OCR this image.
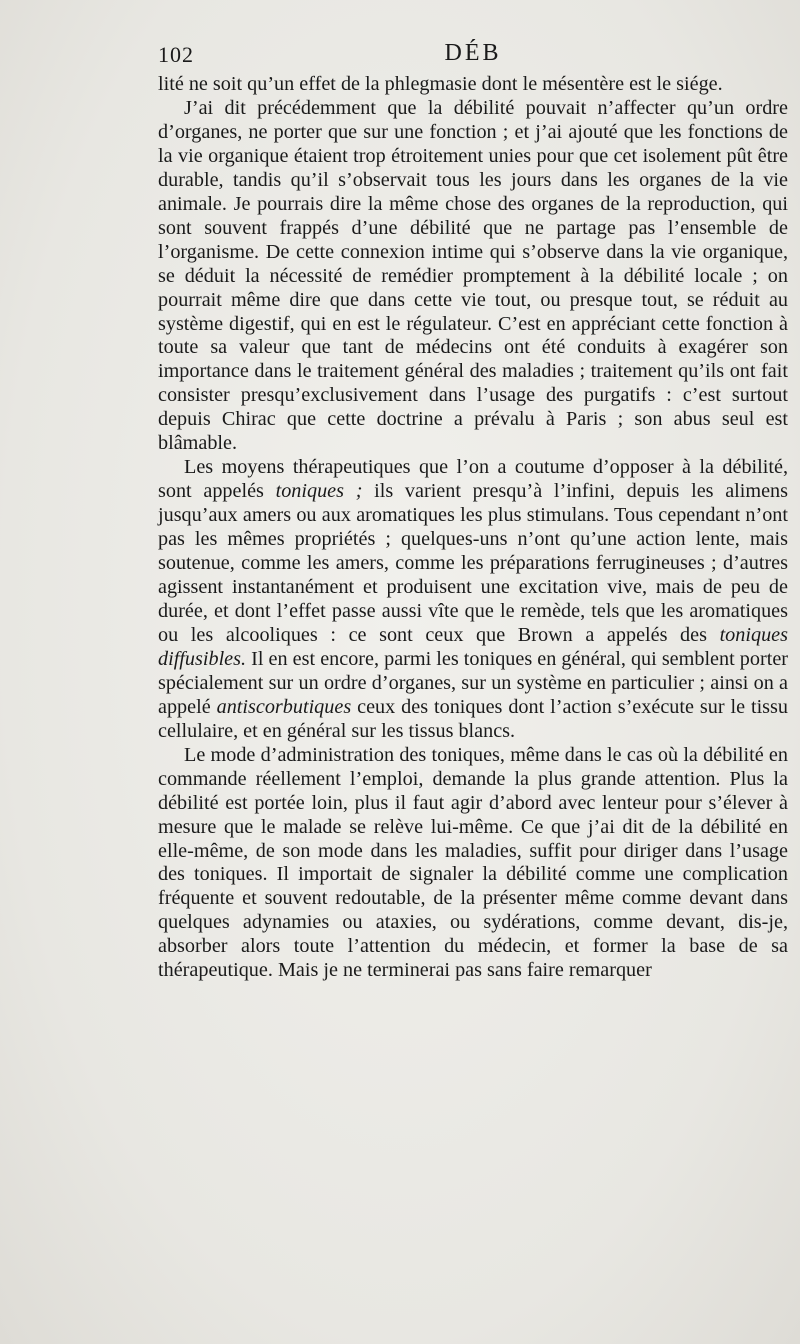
102	DÉB

lité ne soit qu’un effet de la phlegmasie dont le mésentère est le siége.

J’ai dit précédemment que la débilité pouvait n’affecter qu’un ordre d’organes, ne porter que sur une fonction ; et j’ai ajouté que les fonctions de la vie organique étaient trop étroitement unies pour que cet isolement pût être durable, tandis qu’il s’observait tous les jours dans les organes de la vie animale. Je pourrais dire la même chose des organes de la reproduction, qui sont souvent frappés d’une débilité que ne partage pas l’ensemble de l’organisme. De cette connexion intime qui s’observe dans la vie organique, se déduit la nécessité de remédier promptement à la débilité locale ; on pourrait même dire que dans cette vie tout, ou presque tout, se réduit au système digestif, qui en est le régulateur. C’est en appréciant cette fonction à toute sa valeur que tant de médecins ont été conduits à exagérer son importance dans le traitement général des maladies ; traitement qu’ils ont fait consister presqu’exclusivement dans l’usage des purgatifs : c’est surtout depuis Chirac que cette doctrine a prévalu à Paris ; son abus seul est blâmable.

Les moyens thérapeutiques que l’on a coutume d’opposer à la débilité, sont appelés toniques ; ils varient presqu’à l’infini, depuis les alimens jusqu’aux amers ou aux aromatiques les plus stimulans. Tous cependant n’ont pas les mêmes propriétés ; quelques-uns n’ont qu’une action lente, mais soutenue, comme les amers, comme les préparations ferrugineuses ; d’autres agissent instantanément et produisent une excitation vive, mais de peu de durée, et dont l’effet passe aussi vîte que le remède, tels que les aromatiques ou les alcooliques : ce sont ceux que Brown a appelés des toniques diffusibles. Il en est encore, parmi les toniques en général, qui semblent porter spécialement sur un ordre d’organes, sur un système en particulier ; ainsi on a appelé antiscorbutiques ceux des toniques dont l’action s’exécute sur le tissu cellulaire, et en général sur les tissus blancs.

Le mode d’administration des toniques, même dans le cas où la débilité en commande réellement l’emploi, demande la plus grande attention. Plus la débilité est portée loin, plus il faut agir d’abord avec lenteur pour s’élever à mesure que le malade se relève lui-même. Ce que j’ai dit de la débilité en elle-même, de son mode dans les maladies, suffit pour diriger dans l’usage des toniques. Il importait de signaler la débilité comme une complication fréquente et souvent redoutable, de la présenter même comme devant dans quelques adynamies ou ataxies, ou sydérations, comme devant, dis-je, absorber alors toute l’attention du médecin, et former la base de sa thérapeutique. Mais je ne terminerai pas sans faire remarquer
